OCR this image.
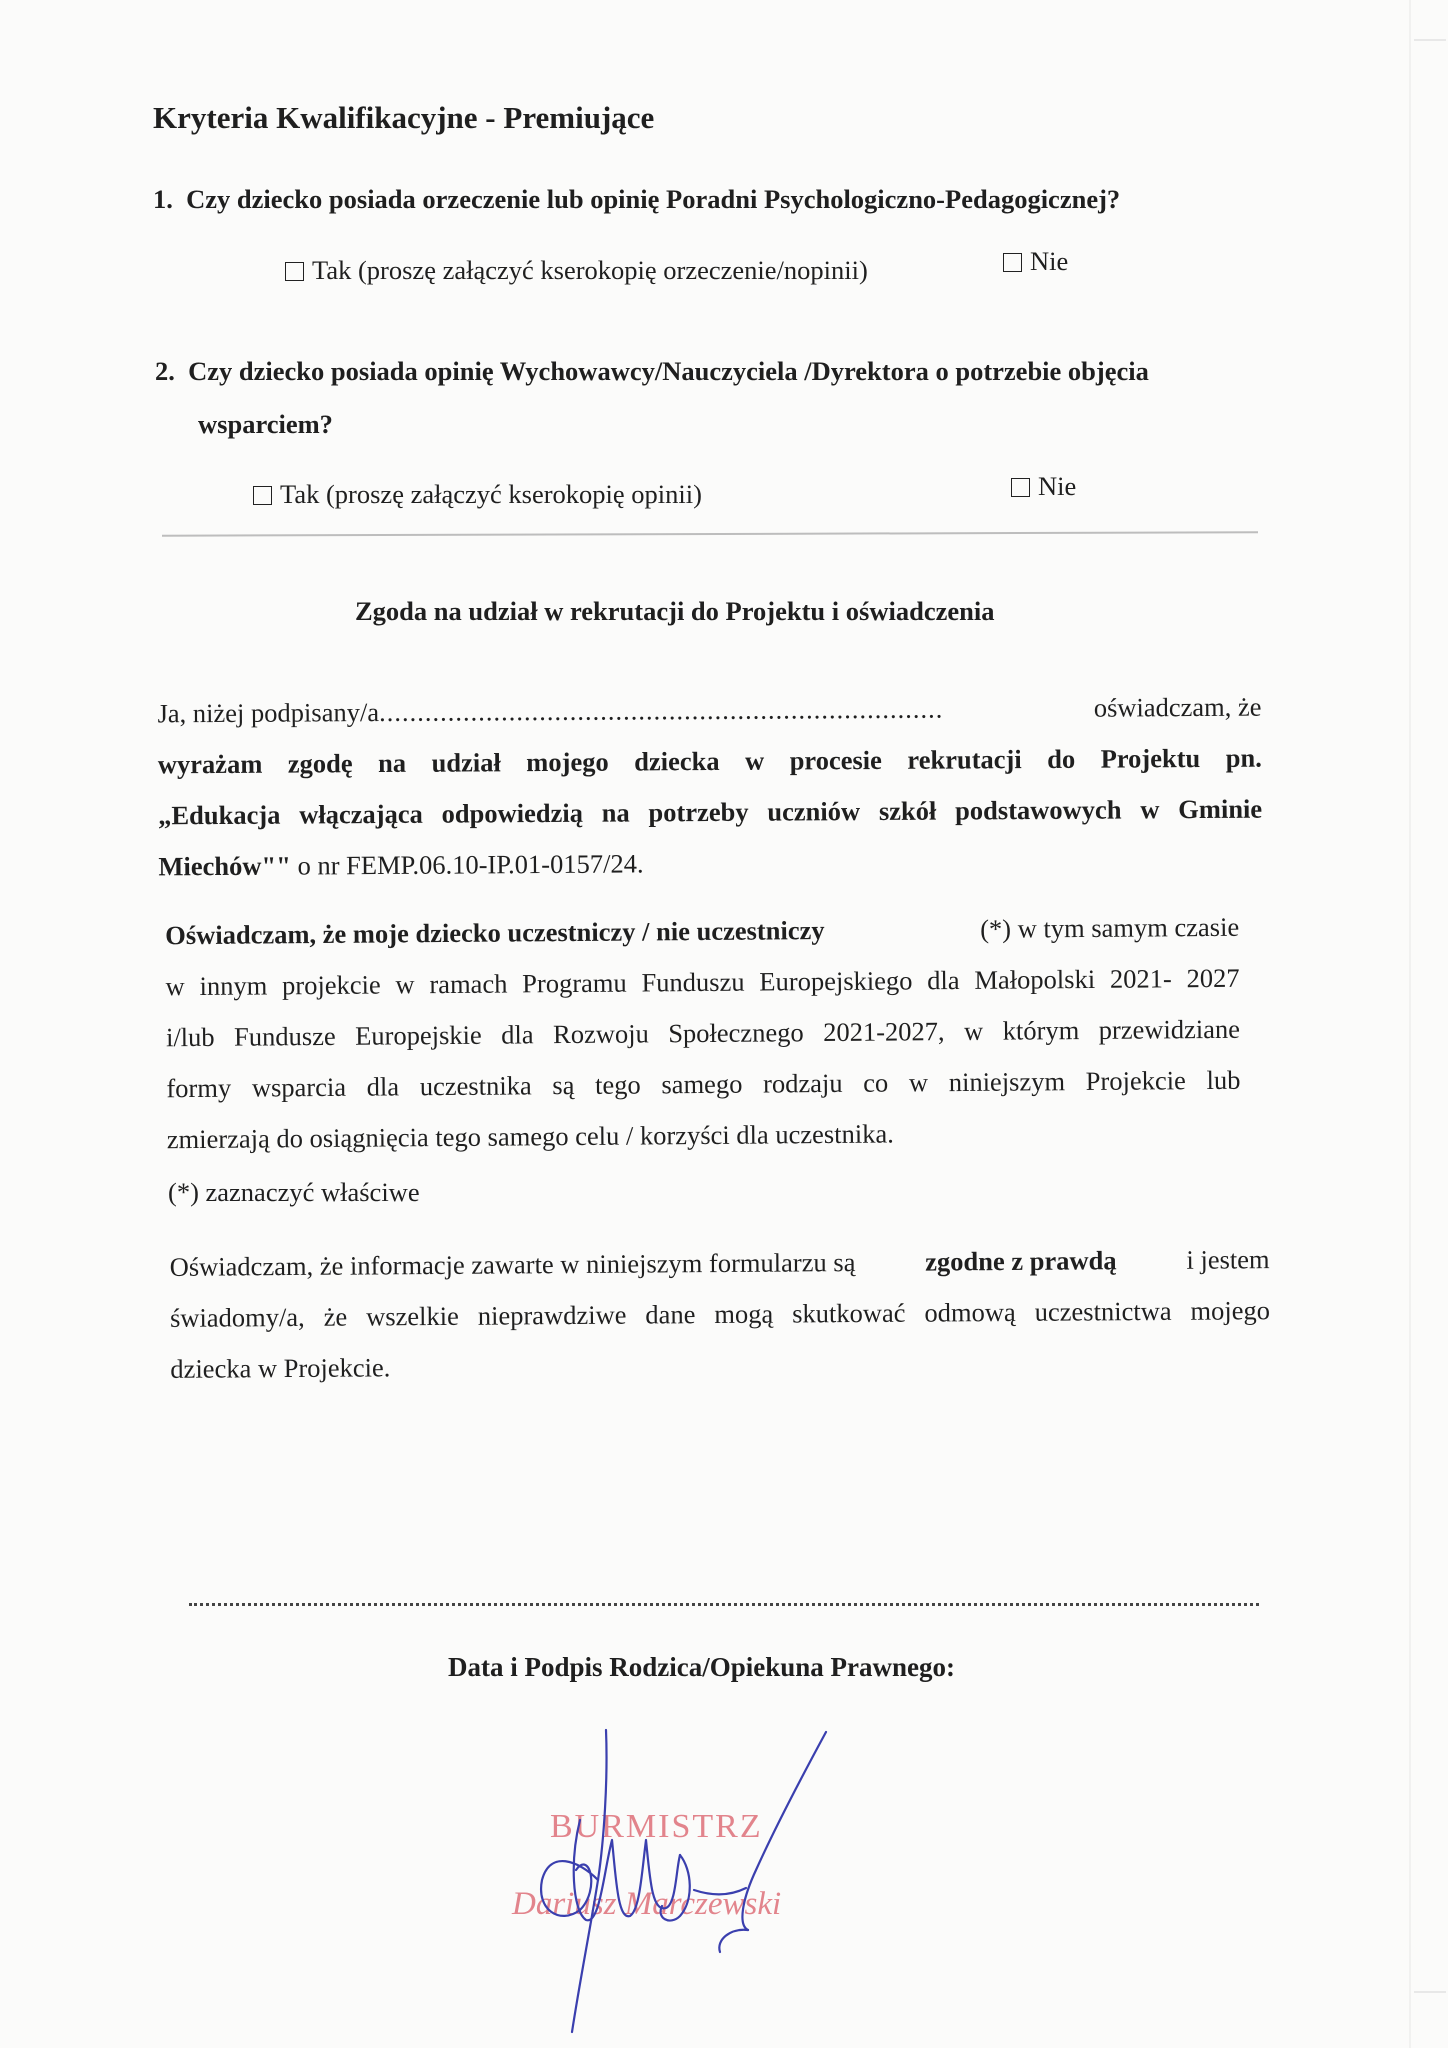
Kryteria Kwalifikacyjne - Premiujące
1. Czy dziecko posiada orzeczenie lub opinię Poradni Psychologiczno-Pedagogicznej?
Tak (proszę załączyć kserokopię orzeczenie/nopinii)	Nie
2. Czy dziecko posiada opinię Wychowawcy/Nauczyciela /Dyrektora o potrzebie objęcia
wsparciem?
Tak (proszę załączyć kserokopię opinii)	Nie
Zgoda na udział w rekrutacji do Projektu i oświadczenia
Ja, niżej podpisany/a ..........................................................................	oświadczam, że
wyrażam zgodę na udział mojego dziecka w procesie rekrutacji do Projektu pn.
„Edukacja włączająca odpowiedzią na potrzeby uczniów szkół podstawowych w Gminie
Miechów"" o nr FEMP.06.10-IP.01-0157/24.
Oświadczam, że moje dziecko uczestniczy / nie uczestniczy	(*) w tym samym czasie
w innym projekcie w ramach Programu Funduszu Europejskiego dla Małopolski 2021- 2027
i/lub Fundusze Europejskie dla Rozwoju Społecznego 2021-2027, w którym przewidziane
formy wsparcia dla uczestnika są tego samego rodzaju co w niniejszym Projekcie lub
zmierzają do osiągnięcia tego samego celu / korzyści dla uczestnika.
(*) zaznaczyć właściwe
Oświadczam, że informacje zawarte w niniejszym formularzu są	zgodne z prawdą	i jestem
świadomy/a, że wszelkie nieprawdziwe dane mogą skutkować odmową uczestnictwa mojego
dziecka w Projekcie.
Data i Podpis Rodzica/Opiekuna Prawnego:
BURMISTRZ
Dariusz Marczewski
